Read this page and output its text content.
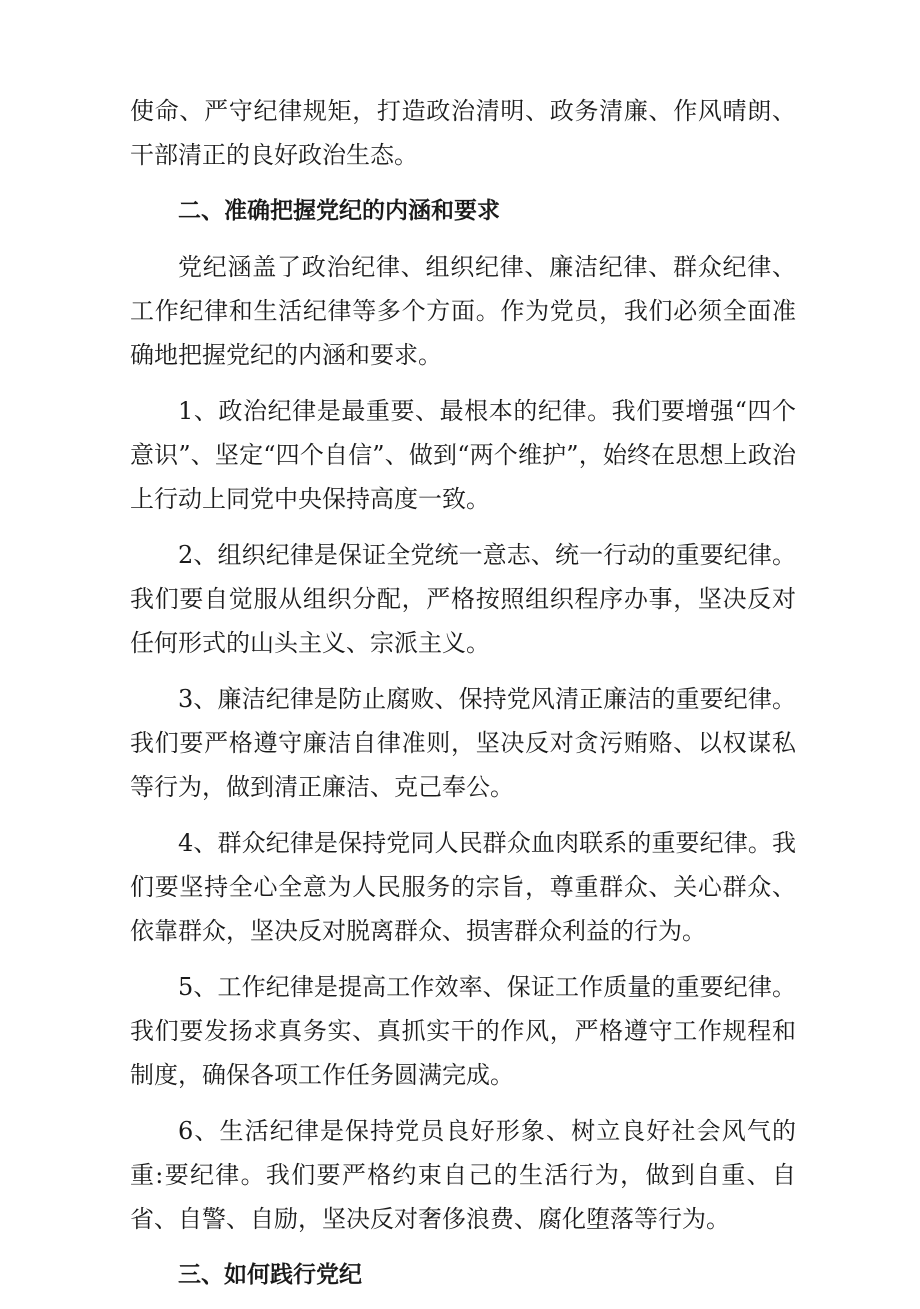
使命、严守纪律规矩，打造政治清明、政务清廉、作风晴朗、干部清正的良好政治生态。

二、准确把握党纪的内涵和要求

党纪涵盖了政治纪律、组织纪律、廉洁纪律、群众纪律、工作纪律和生活纪律等多个方面。作为党员，我们必须全面准确地把握党纪的内涵和要求。

1、政治纪律是最重要、最根本的纪律。我们要增强“四个意识”、坚定“四个自信”、做到“两个维护”，始终在思想上政治上行动上同党中央保持高度一致。

2、组织纪律是保证全党统一意志、统一行动的重要纪律。我们要自觉服从组织分配，严格按照组织程序办事，坚决反对任何形式的山头主义、宗派主义。

3、廉洁纪律是防止腐败、保持党风清正廉洁的重要纪律。我们要严格遵守廉洁自律准则，坚决反对贪污贿赂、以权谋私等行为，做到清正廉洁、克己奉公。

4、群众纪律是保持党同人民群众血肉联系的重要纪律。我们要坚持全心全意为人民服务的宗旨，尊重群众、关心群众、依靠群众，坚决反对脱离群众、损害群众利益的行为。

5、工作纪律是提高工作效率、保证工作质量的重要纪律。我们要发扬求真务实、真抓实干的作风，严格遵守工作规程和制度，确保各项工作任务圆满完成。

6、生活纪律是保持党员良好形象、树立良好社会风气的重:要纪律。我们要严格约束自己的生活行为，做到自重、自省、自警、自励，坚决反对奢侈浪费、腐化堕落等行为。

三、如何践行党纪
